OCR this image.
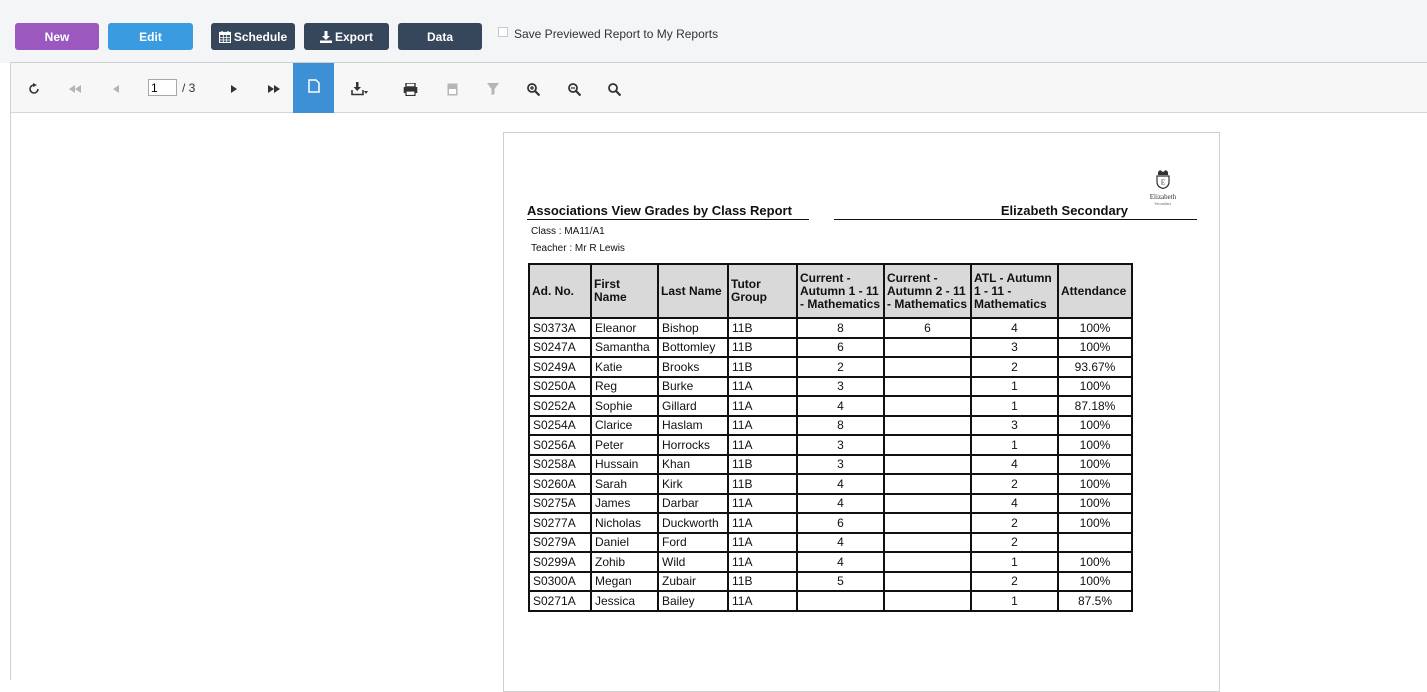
New	Edit	Schedule	Export	Data	Save Previewed Report to My Reports
1
/ 3
E
Elizabeth
Secondary
Associations View Grades by Class Report	Elizabeth Secondary
Class : MA11/A1
Teacher : Mr R Lewis
Ad. No.	First Name	Last Name	Tutor Group	Current - Autumn 1 - 11 - Mathematics	Current - Autumn 2 - 11 - Mathematics	ATL - Autumn 1 - 11 - Mathematics	Attendance
S0373A	Eleanor	Bishop	11B	8	6	4	100%
S0247A	Samantha	Bottomley	11B	6		3	100%
S0249A	Katie	Brooks	11B	2		2	93.67%
S0250A	Reg	Burke	11A	3		1	100%
S0252A	Sophie	Gillard	11A	4		1	87.18%
S0254A	Clarice	Haslam	11A	8		3	100%
S0256A	Peter	Horrocks	11A	3		1	100%
S0258A	Hussain	Khan	11B	3		4	100%
S0260A	Sarah	Kirk	11B	4		2	100%
S0275A	James	Darbar	11A	4		4	100%
S0277A	Nicholas	Duckworth	11A	6		2	100%
S0279A	Daniel	Ford	11A	4		2	
S0299A	Zohib	Wild	11A	4		1	100%
S0300A	Megan	Zubair	11B	5		2	100%
S0271A	Jessica	Bailey	11A			1	87.5%
